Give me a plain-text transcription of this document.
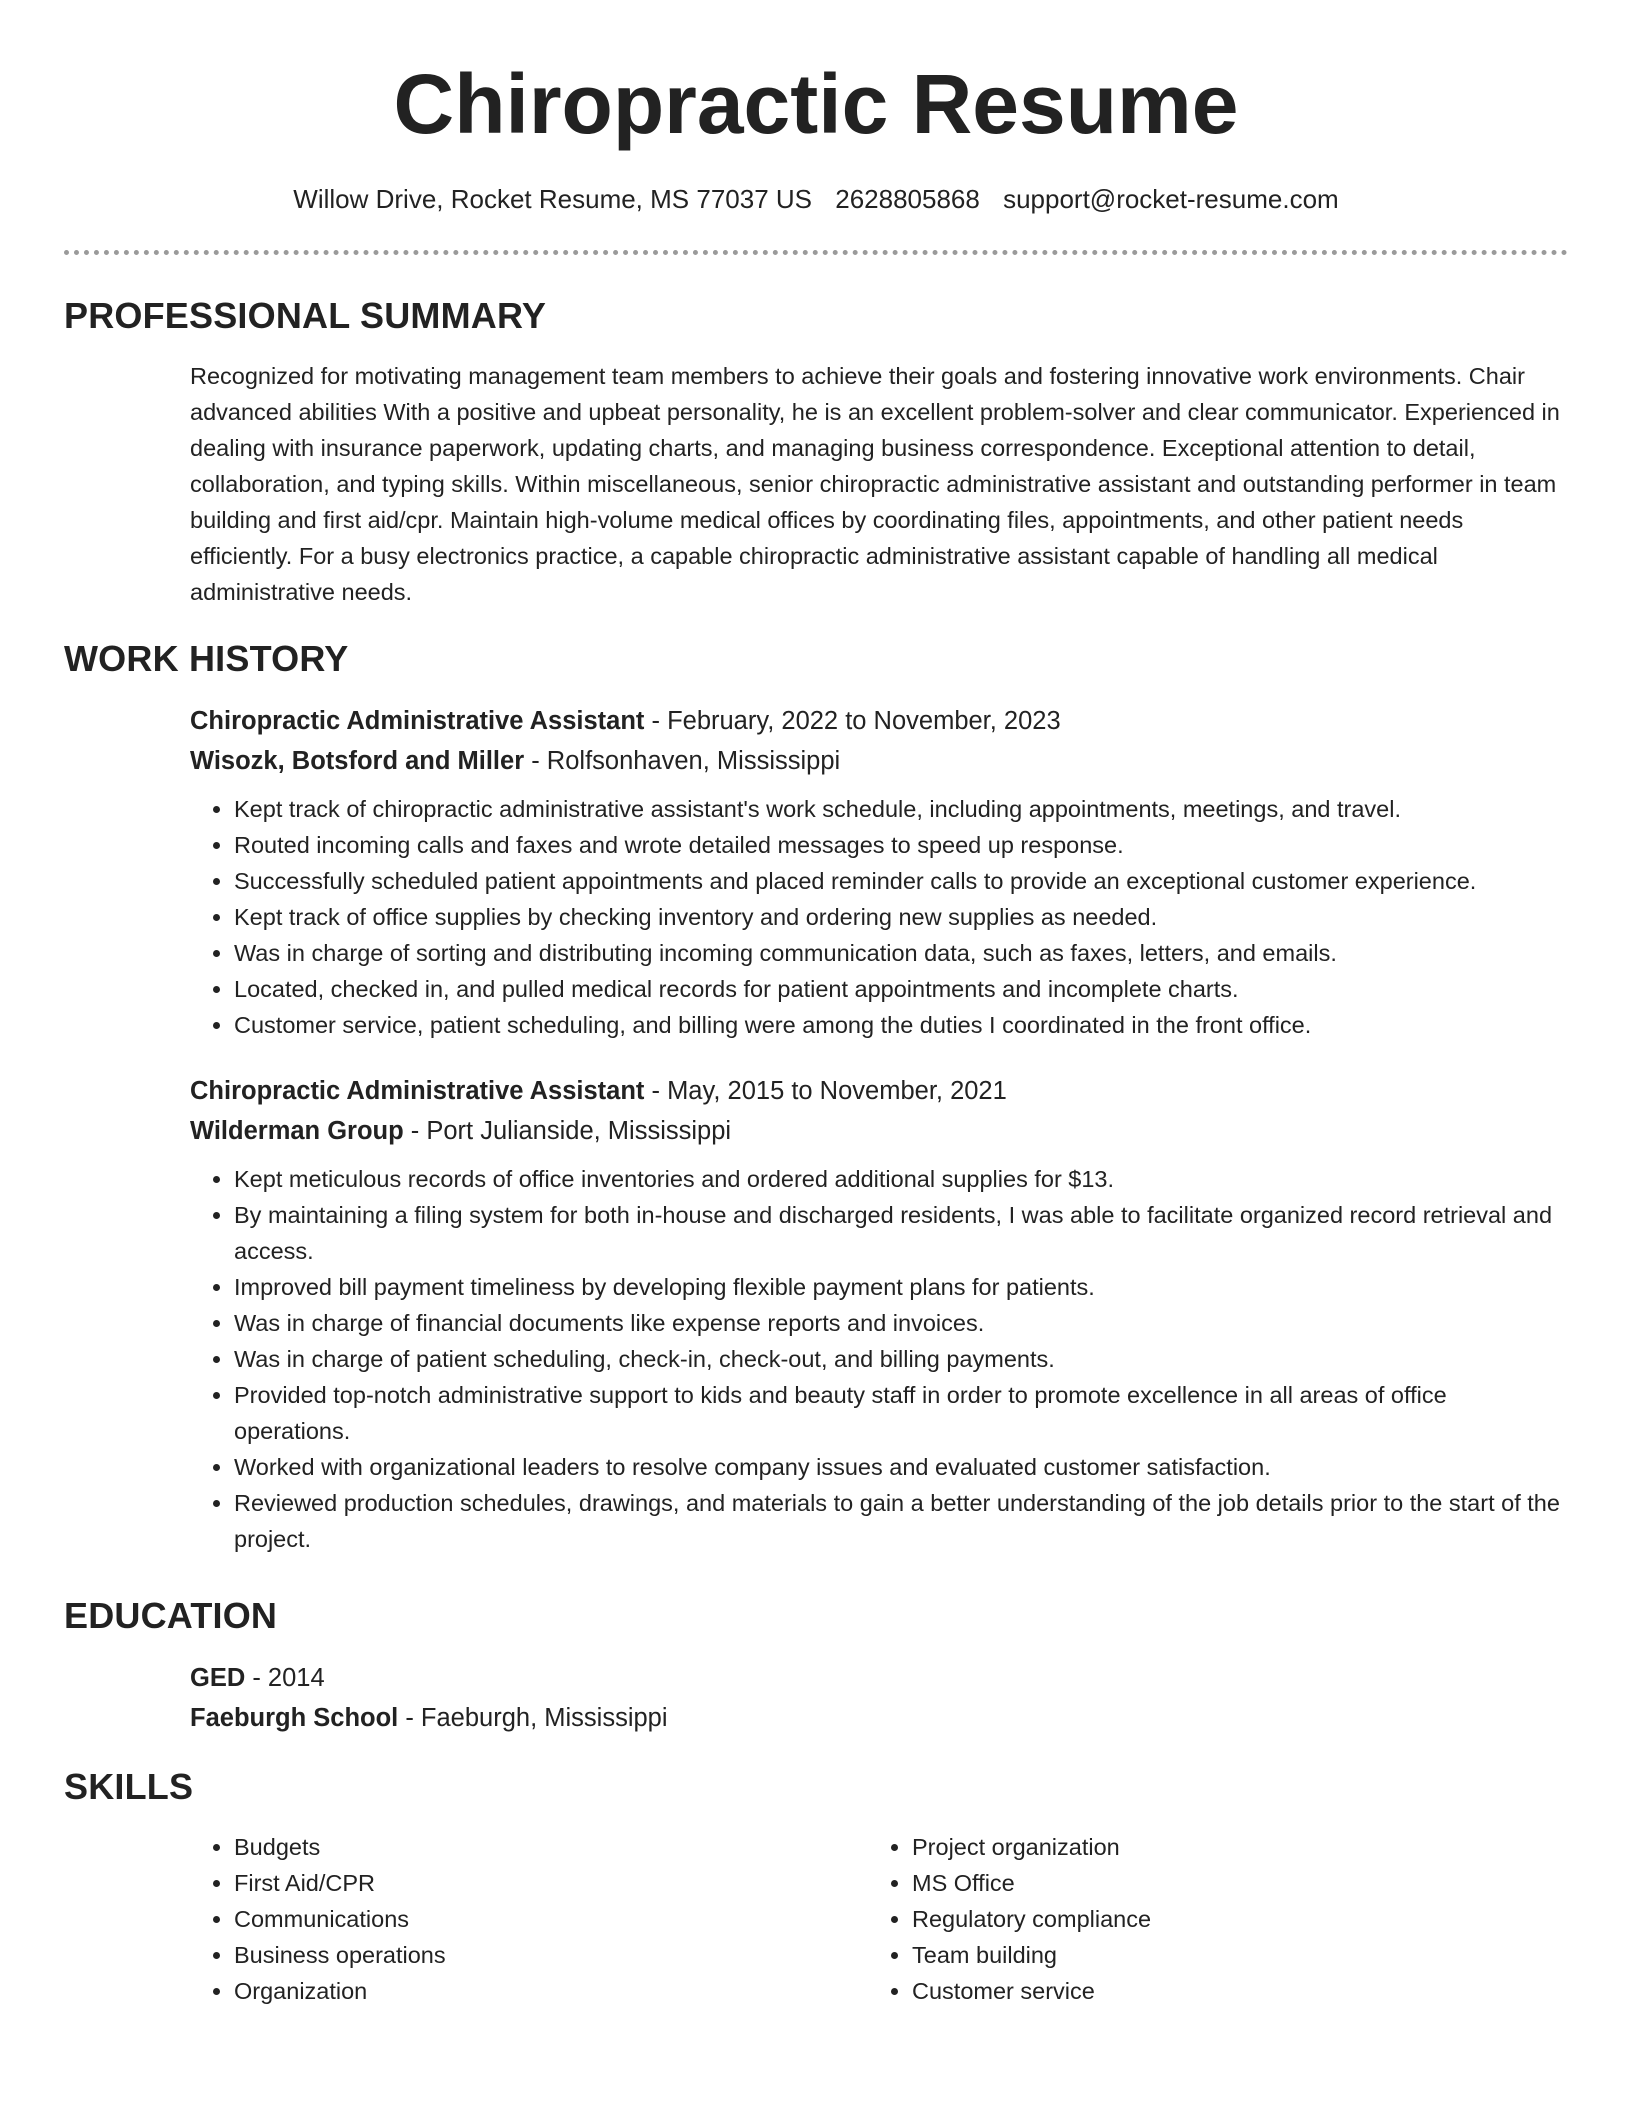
Chiropractic Resume
Willow Drive, Rocket Resume, MS 77037 US 2628805868 support@rocket-resume.com
PROFESSIONAL SUMMARY

Recognized for motivating management team members to achieve their goals and fostering innovative work environments. Chair advanced abilities With a positive and upbeat personality, he is an excellent problem-solver and clear communicator. Experienced in dealing with insurance paperwork, updating charts, and managing business correspondence. Exceptional attention to detail, collaboration, and typing skills. Within miscellaneous, senior chiropractic administrative assistant and outstanding performer in team building and first aid/cpr. Maintain high-volume medical offices by coordinating files, appointments, and other patient needs efficiently. For a busy electronics practice, a capable chiropractic administrative assistant capable of handling all medical administrative needs.

WORK HISTORY

Chiropractic Administrative Assistant - February, 2022 to November, 2023

Wisozk, Botsford and Miller - Rolfsonhaven, Mississippi

• Kept track of chiropractic administrative assistant's work schedule, including appointments, meetings, and travel.
• Routed incoming calls and faxes and wrote detailed messages to speed up response.
• Successfully scheduled patient appointments and placed reminder calls to provide an exceptional customer experience.
• Kept track of office supplies by checking inventory and ordering new supplies as needed.
• Was in charge of sorting and distributing incoming communication data, such as faxes, letters, and emails.
• Located, checked in, and pulled medical records for patient appointments and incomplete charts.
• Customer service, patient scheduling, and billing were among the duties I coordinated in the front office.

Chiropractic Administrative Assistant - May, 2015 to November, 2021

Wilderman Group - Port Julianside, Mississippi

• Kept meticulous records of office inventories and ordered additional supplies for $13.
• By maintaining a filing system for both in-house and discharged residents, I was able to facilitate organized record retrieval and access.
• Improved bill payment timeliness by developing flexible payment plans for patients.
• Was in charge of financial documents like expense reports and invoices.
• Was in charge of patient scheduling, check-in, check-out, and billing payments.
• Provided top-notch administrative support to kids and beauty staff in order to promote excellence in all areas of office operations.
• Worked with organizational leaders to resolve company issues and evaluated customer satisfaction.
• Reviewed production schedules, drawings, and materials to gain a better understanding of the job details prior to the start of the project.
EDUCATION

GED - 2014

Faeburgh School - Faeburgh, Mississippi

SKILLS
• Budgets
• First Aid/CPR
• Communications
• Business operations
• Organization
• Project organization
• MS Office
• Regulatory compliance
• Team building
• Customer service
